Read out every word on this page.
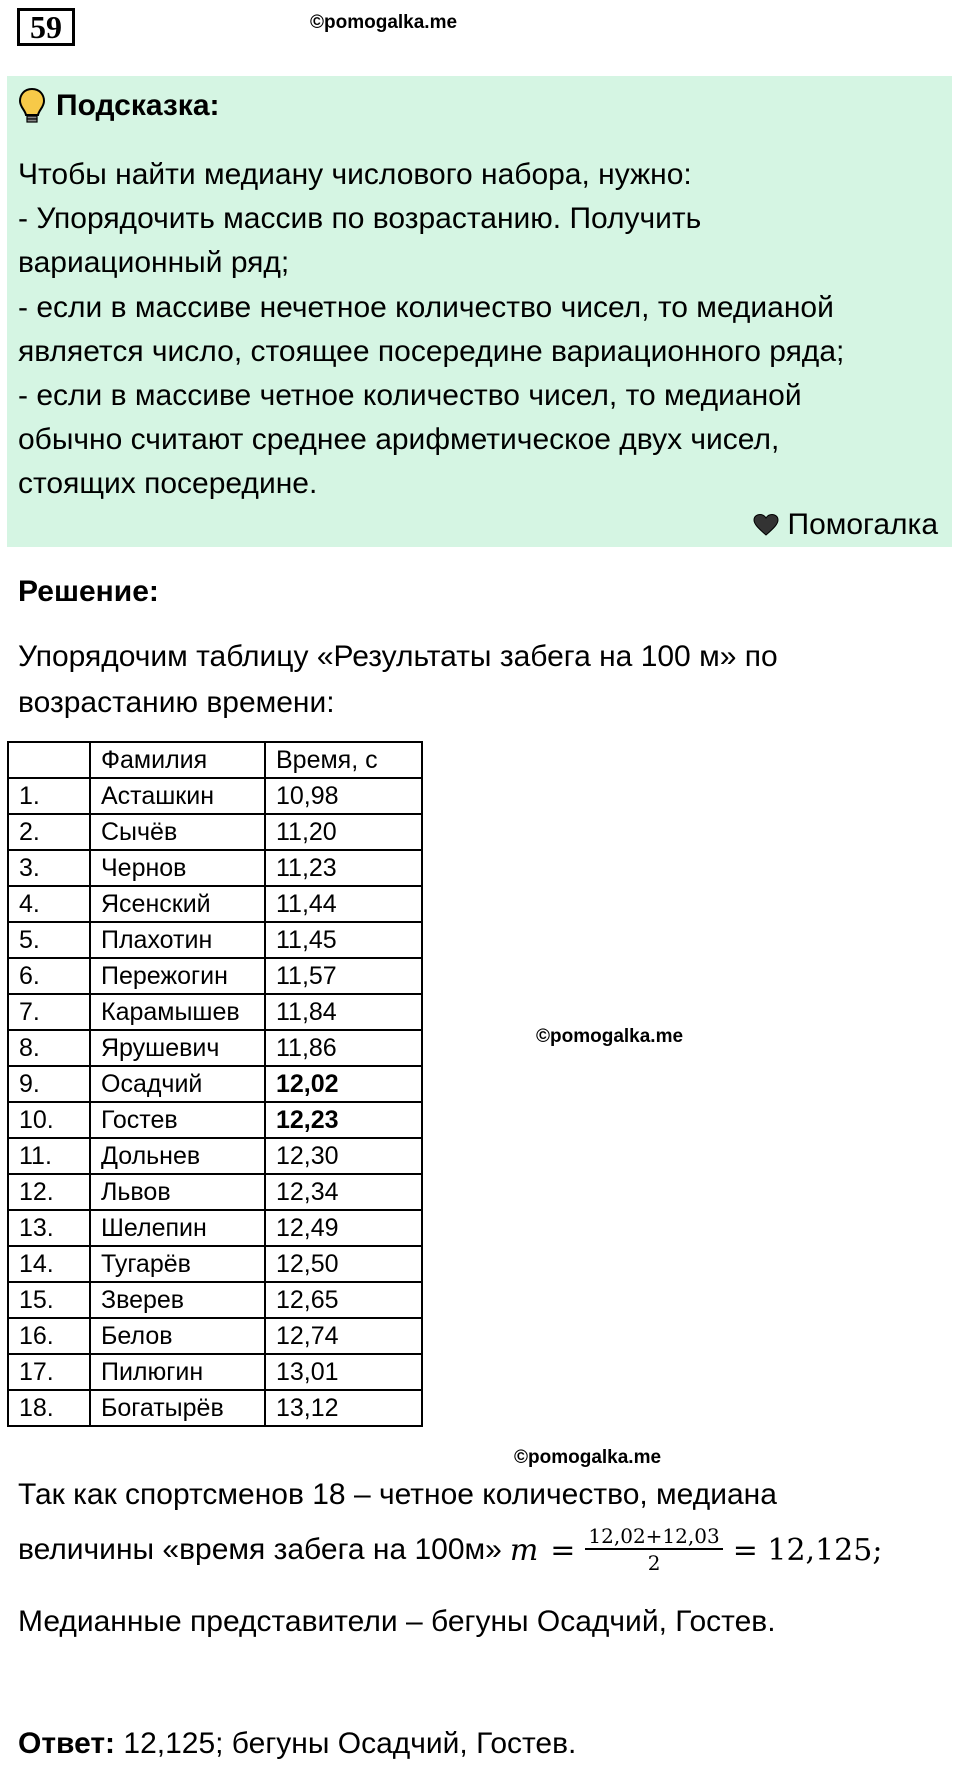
59	©pomogalka.me
Подсказка:
Чтобы найти медиану числового набора, нужно:
- Упорядочить массив по возрастанию. Получить
вариационный ряд;
- если в массиве нечетное количество чисел, то медианой
является число, стоящее посередине вариационного ряда;
- если в массиве четное количество чисел, то медианой
обычно считают среднее арифметическое двух чисел,
стоящих посередине.
Помогалка
Решение:
Упорядочим таблицу «Результаты забега на 100 м» по
возрастанию времени:
	Фамилия	Время, с
1.	Асташкин	10,98
2.	Сычёв	11,20
3.	Чернов	11,23
4.	Ясенский	11,44
5.	Плахотин	11,45
6.	Пережогин	11,57
7.	Карамышев	11,84
8.	Ярушевич	11,86
9.	Осадчий	12,02
10.	Гостев	12,23
11.	Дольнев	12,30
12.	Львов	12,34
13.	Шелепин	12,49
14.	Тугарёв	12,50
15.	Зверев	12,65
16.	Белов	12,74
17.	Пилюгин	13,01
18.	Богатырёв	13,12
©pomogalka.me
©pomogalka.me
Так как спортсменов 18 – четное количество, медиана
величины «время забега на 100м» $m = \frac{12,02+12,03}{2} = 12,125$;
Медианные представители – бегуны Осадчий, Гостев.
Ответ: 12,125; бегуны Осадчий, Гостев.
